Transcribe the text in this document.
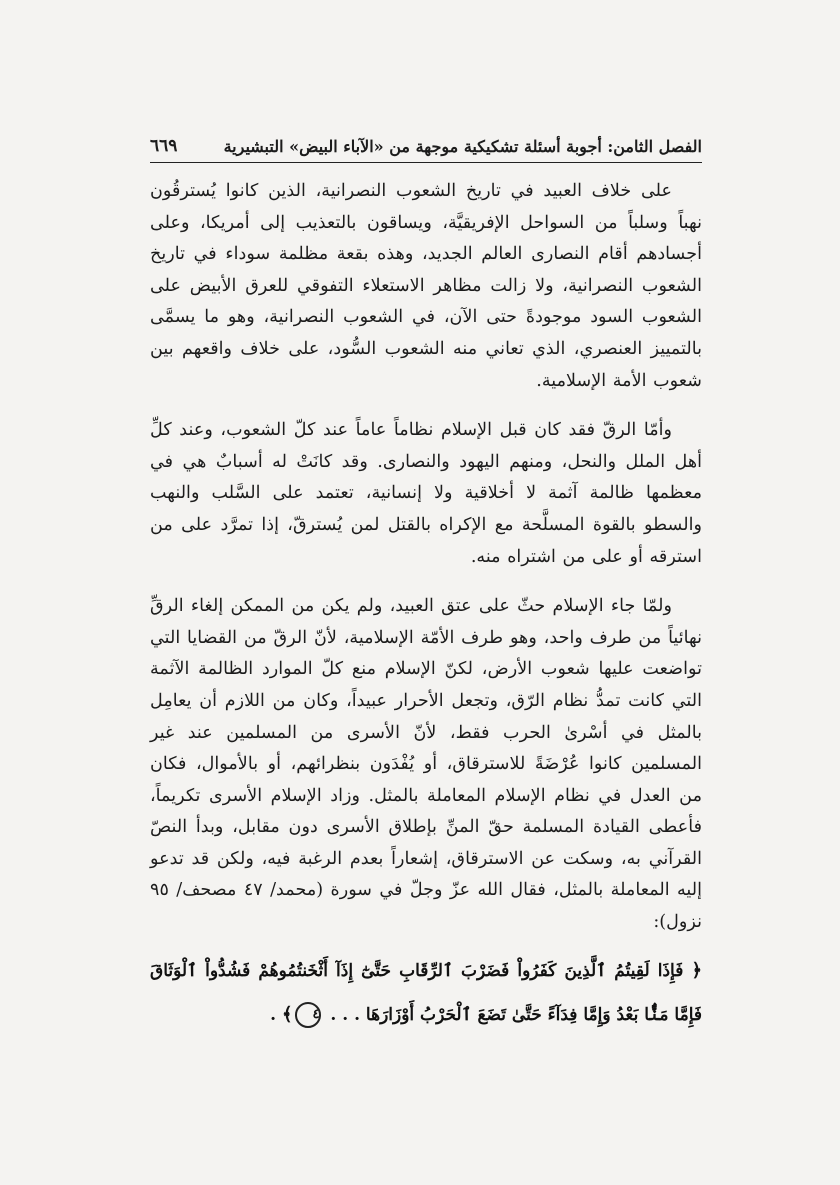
الفصل الثامن: أجوبة أسئلة تشكيكية موجهة من «الآباء البيض» التبشيرية
٦٦٩

على خلاف العبيد في تاريخ الشعوب النصرانية، الذين كانوا يُسترقُون نهباً وسلباً من السواحل الإفريقيَّة، ويساقون بالتعذيب إلى أمريكا، وعلى أجسادهم أقام النصارى العالم الجديد، وهذه بقعة مظلمة سوداء في تاريخ الشعوب النصرانية، ولا زالت مظاهر الاستعلاء التفوقي للعرق الأبيض على الشعوب السود موجودةً حتى الآن، في الشعوب النصرانية، وهو ما يسمَّى بالتمييز العنصري، الذي تعاني منه الشعوب السُّود، على خلاف واقعهم بين شعوب الأمة الإسلامية.

وأمّا الرقّ فقد كان قبل الإسلام نظاماً عاماً عند كلّ الشعوب، وعند كلِّ أهل الملل والنحل، ومنهم اليهود والنصارى. وقد كانَتْ له أسبابٌ هي في معظمها ظالمة آثمة لا أخلاقية ولا إنسانية، تعتمد على السَّلب والنهب والسطو بالقوة المسلَّحة مع الإكراه بالقتل لمن يُسترقّ، إذا تمرَّد على من استرقه أو على من اشتراه منه.

ولمّا جاء الإسلام حثّ على عتق العبيد، ولم يكن من الممكن إلغاء الرقِّ نهائياً من طرف واحد، وهو طرف الأمّة الإسلامية، لأنّ الرقّ من القضايا التي تواضعت عليها شعوب الأرض، لكنّ الإسلام منع كلّ الموارد الظالمة الآثمة التي كانت تمدُّ نظام الرّق، وتجعل الأحرار عبيداً، وكان من اللازم أن يعامِل بالمثل في أسْرىٰ الحرب فقط، لأنّ الأسرى من المسلمين عند غير المسلمين كانوا عُرْضَةً للاسترقاق، أو يُفْدَون بنظرائهم، أو بالأموال، فكان من العدل في نظام الإسلام المعاملة بالمثل. وزاد الإسلام الأسرى تكريماً، فأعطى القيادة المسلمة حقّ المنِّ بإطلاق الأسرى دون مقابل، وبدأ النصّ القرآني به، وسكت عن الاسترقاق، إشعاراً بعدم الرغبة فيه، ولكن قد تدعو إليه المعاملة بالمثل، فقال الله عزّ وجلّ في سورة (محمد/ ٤٧ مصحف/ ٩٥ نزول):

﴿ فَإِذَا لَقِيتُمُ ٱلَّذِينَ كَفَرُواْ فَضَرْبَ ٱلرِّقَابِ حَتَّىٰٓ إِذَآ أَثْخَنتُمُوهُمْ فَشُدُّواْ ٱلْوَثَاقَ فَإِمَّا مَنًّۢا بَعْدُ وَإِمَّا فِدَآءً حَتَّىٰ تَضَعَ ٱلْحَرْبُ أَوْزَارَهَا . . . ٤﴾ .
